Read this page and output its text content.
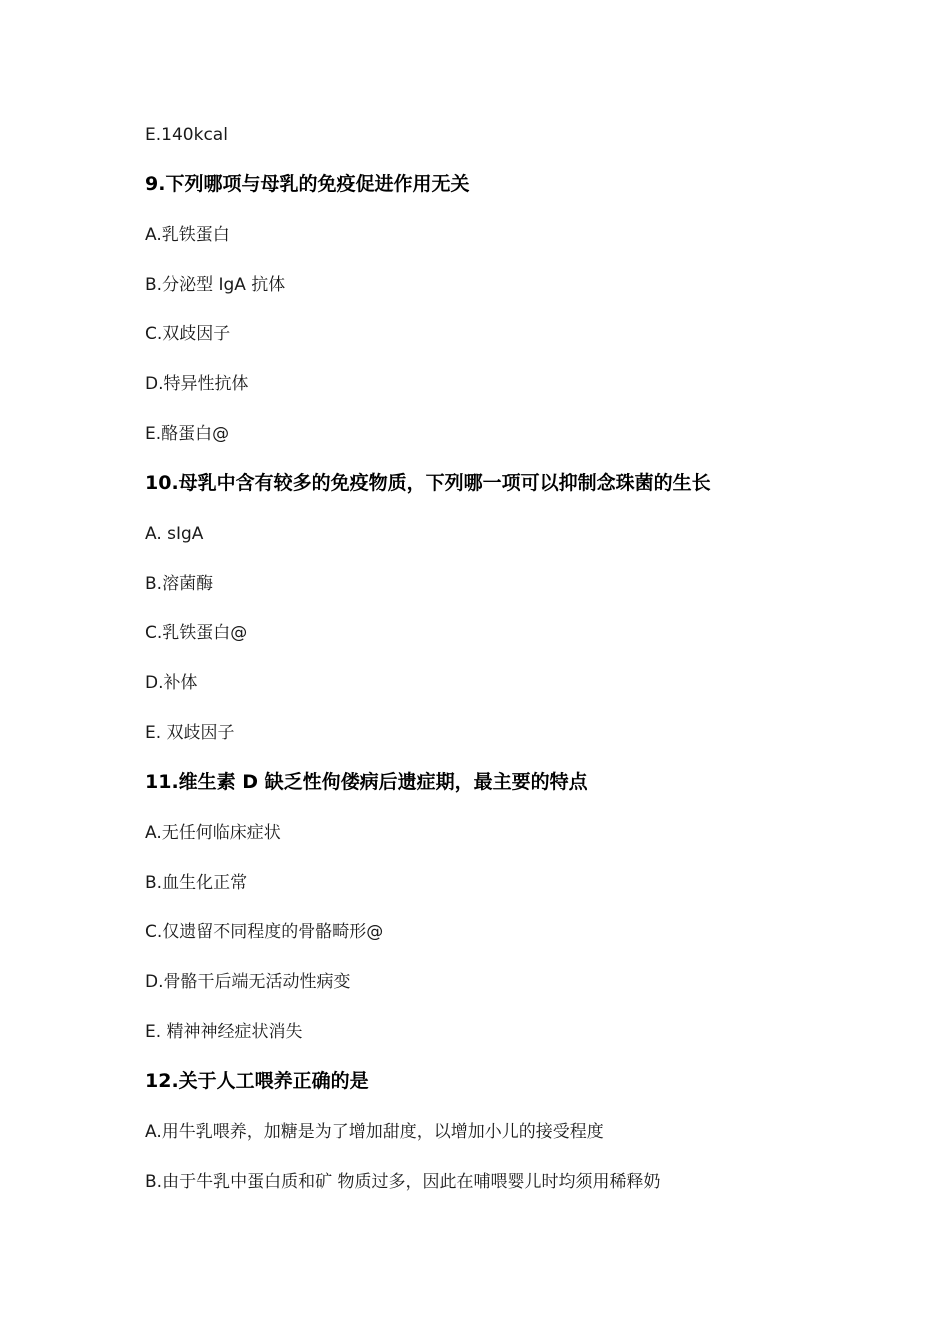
E.140kcal
9.下列哪项与母乳的免疫促进作用无关
A.乳铁蛋白
B.分泌型 IgA 抗体
C.双歧因子
D.特异性抗体
E.酪蛋白@
10.母乳中含有较多的免疫物质，下列哪一项可以抑制念珠菌的生长
A. sIgA
B.溶菌酶
C.乳铁蛋白@
D.补体
E. 双歧因子
11.维生素 D 缺乏性佝偻病后遗症期，最主要的特点
A.无任何临床症状
B.血生化正常
C.仅遗留不同程度的骨骼畸形@
D.骨骼干后端无活动性病变
E. 精神神经症状消失
12.关于人工喂养正确的是
A.用牛乳喂养，加糖是为了增加甜度，以增加小儿的接受程度
B.由于牛乳中蛋白质和矿 物质过多，因此在哺喂婴儿时均须用稀释奶
